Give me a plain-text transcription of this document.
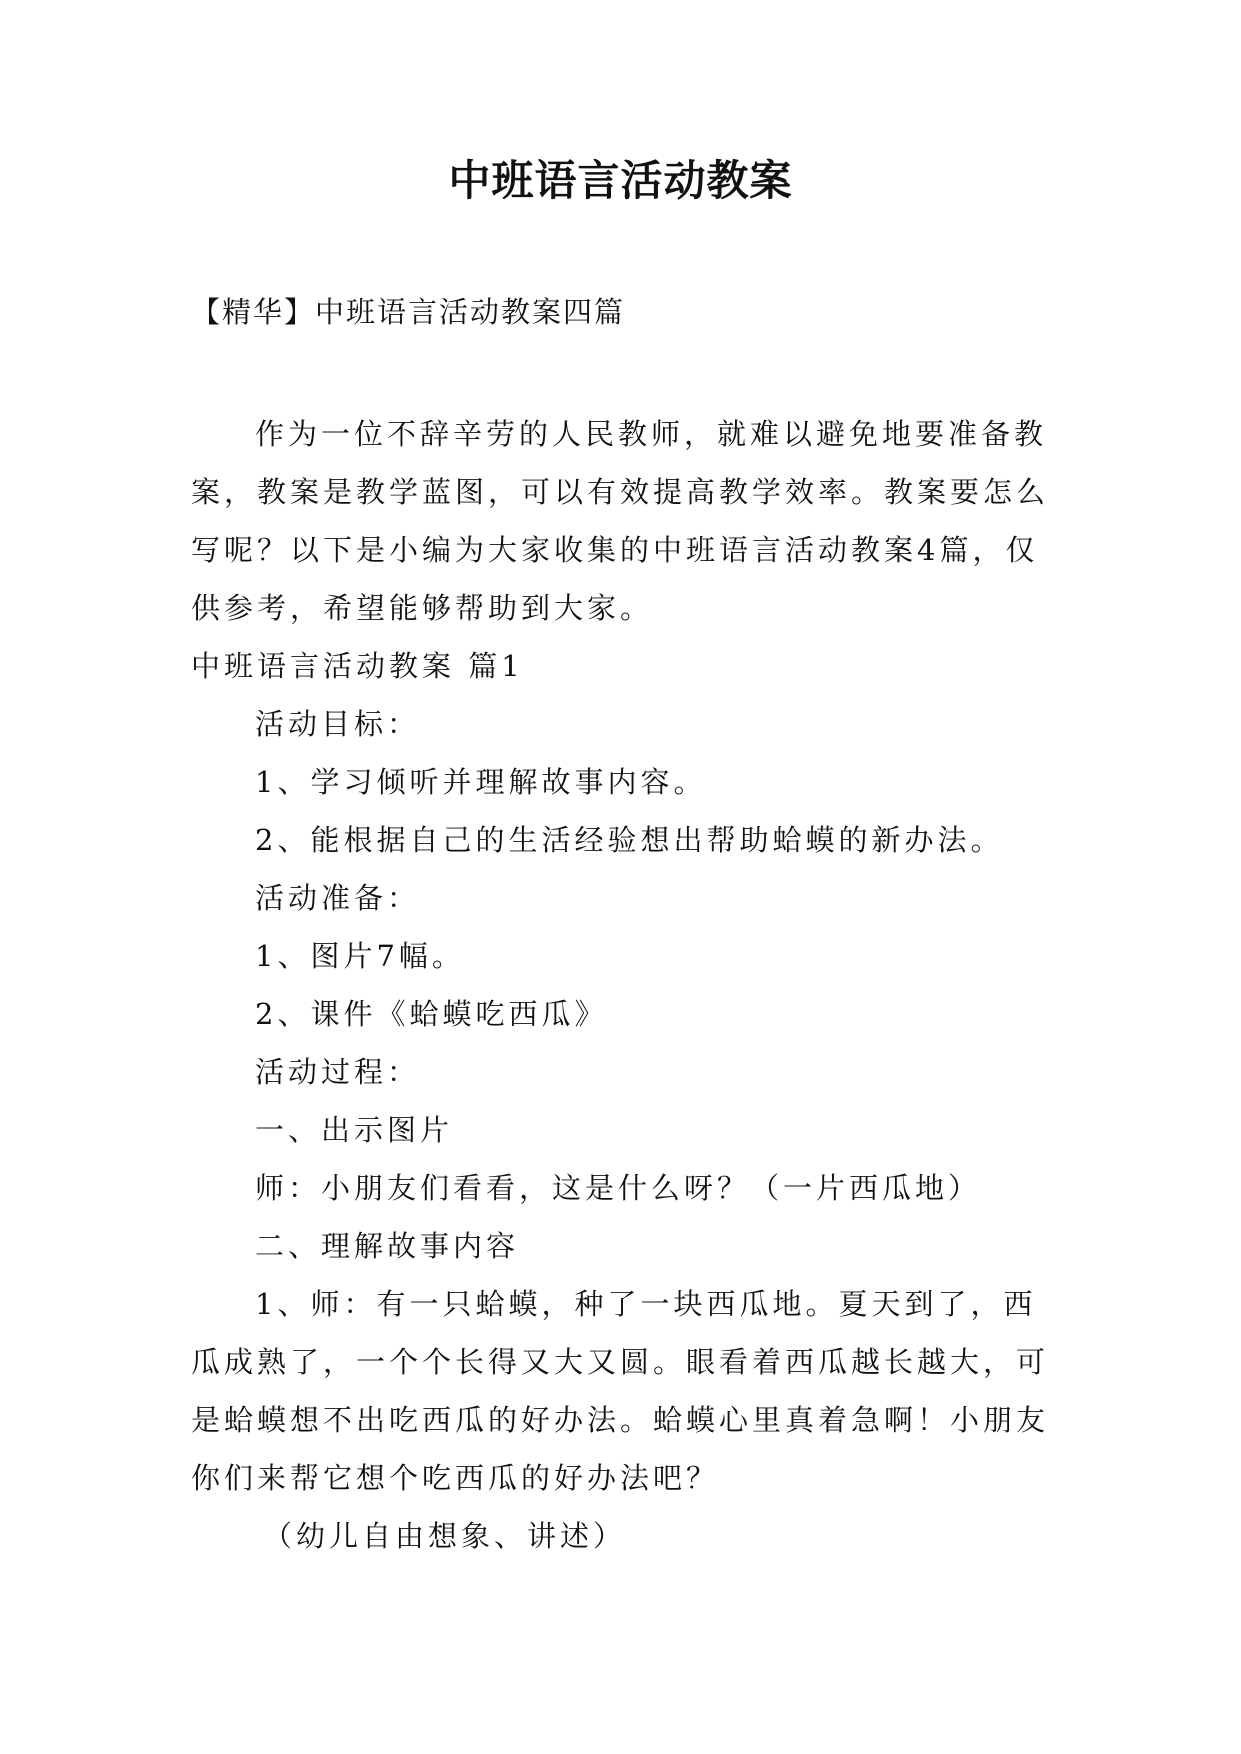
中班语言活动教案

【精华】中班语言活动教案四篇

作为一位不辞辛劳的人民教师，就难以避免地要准备教案，教案是教学蓝图，可以有效提高教学效率。教案要怎么写呢？以下是小编为大家收集的中班语言活动教案4篇，仅供参考，希望能够帮助到大家。

中班语言活动教案 篇1

活动目标：

1、学习倾听并理解故事内容。

2、能根据自己的生活经验想出帮助蛤蟆的新办法。

活动准备：

1、图片7幅。

2、课件《蛤蟆吃西瓜》

活动过程：

一、出示图片

师：小朋友们看看，这是什么呀？（一片西瓜地）

二、理解故事内容

1、师：有一只蛤蟆，种了一块西瓜地。夏天到了，西瓜成熟了，一个个长得又大又圆。眼看着西瓜越长越大，可是蛤蟆想不出吃西瓜的好办法。蛤蟆心里真着急啊！小朋友你们来帮它想个吃西瓜的好办法吧？

（幼儿自由想象、讲述）
